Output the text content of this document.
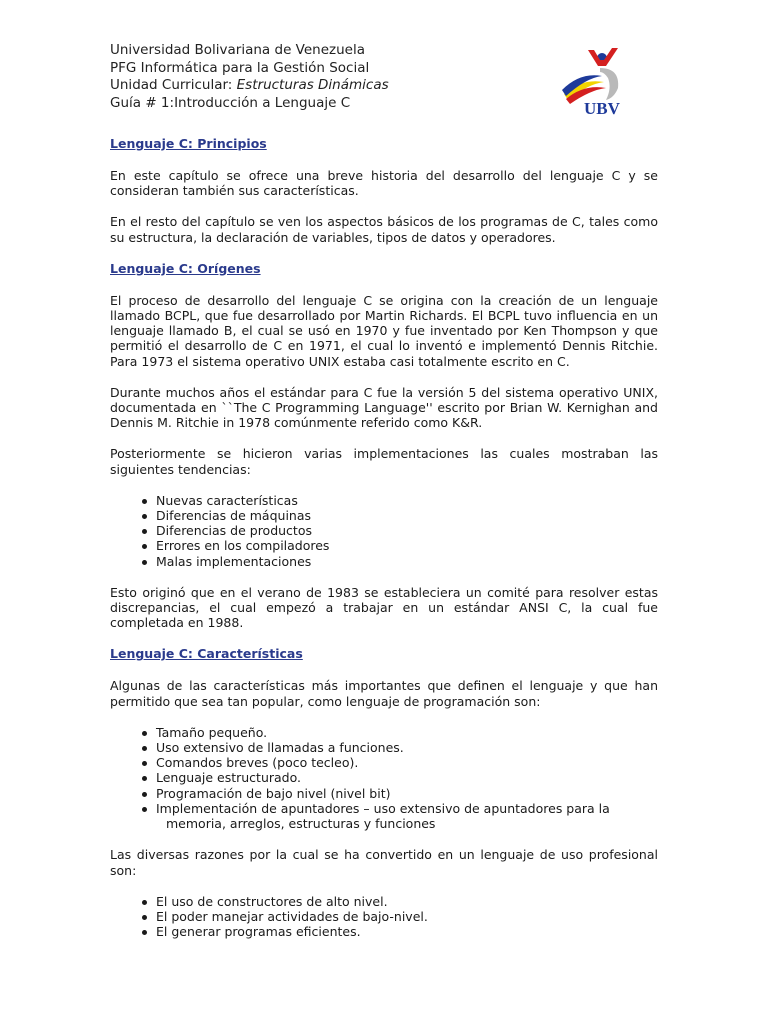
Universidad Bolivariana de Venezuela
PFG Informática para la Gestión Social
Unidad Curricular: Estructuras Dinámicas
Guía # 1:Introducción a Lenguaje C	UBV
Lenguaje C: Principios

En este capítulo se ofrece una breve historia del desarrollo del lenguaje C y se consideran también sus características.

En el resto del capítulo se ven los aspectos básicos de los programas de C, tales como su estructura, la declaración de variables, tipos de datos y operadores.

Lenguaje C: Orígenes

El proceso de desarrollo del lenguaje C se origina con la creación de un lenguaje llamado BCPL, que fue desarrollado por Martin Richards. El BCPL tuvo influencia en un lenguaje llamado B, el cual se usó en 1970 y fue inventado por Ken Thompson y que permitió el desarrollo de C en 1971, el cual lo inventó e implementó Dennis Ritchie. Para 1973 el sistema operativo UNIX estaba casi totalmente escrito en C.

Durante muchos años el estándar para C fue la versión 5 del sistema operativo UNIX, documentada en ``The C Programming Language'' escrito por Brian W. Kernighan and Dennis M. Ritchie in 1978 comúnmente referido como K&R.

Posteriormente se hicieron varias implementaciones las cuales mostraban las siguientes tendencias:

Nuevas características
Diferencias de máquinas
Diferencias de productos
Errores en los compiladores
Malas implementaciones

Esto originó que en el verano de 1983 se estableciera un comité para resolver estas discrepancias, el cual empezó a trabajar en un estándar ANSI C, la cual fue completada en 1988.

Lenguaje C: Características

Algunas de las características más importantes que definen el lenguaje y que han permitido que sea tan popular, como lenguaje de programación son:

Tamaño pequeño.
Uso extensivo de llamadas a funciones.
Comandos breves (poco tecleo).
Lenguaje estructurado.
Programación de bajo nivel (nivel bit)
Implementación de apuntadores – uso extensivo de apuntadores para la
memoria, arreglos, estructuras y funciones

Las diversas razones por la cual se ha convertido en un lenguaje de uso profesional son:

El uso de constructores de alto nivel.
El poder manejar actividades de bajo-nivel.
El generar programas eficientes.
